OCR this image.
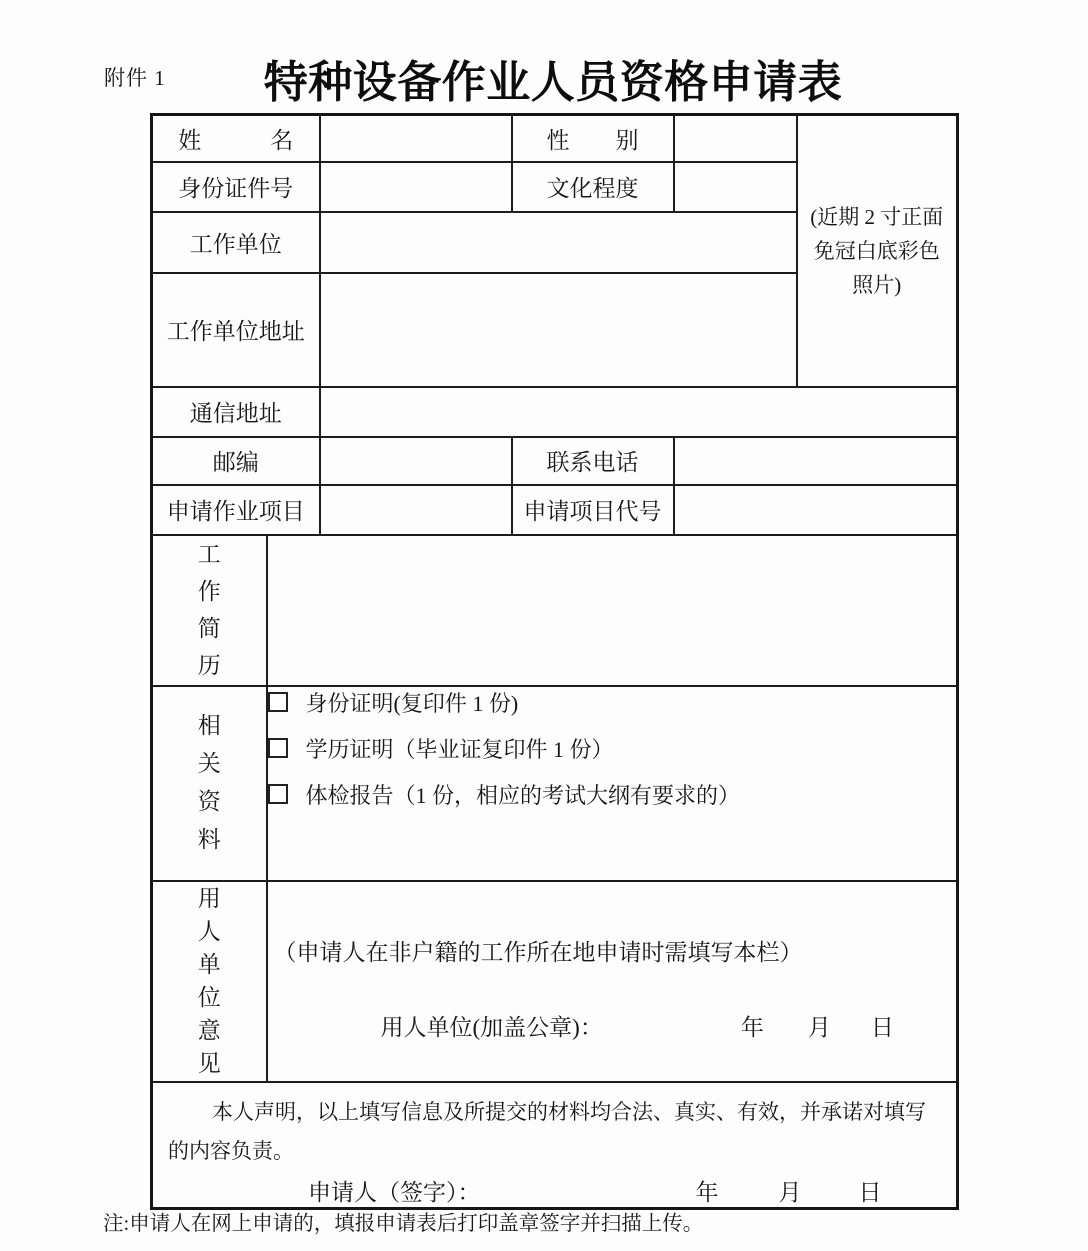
附件 1	特种设备作业人员资格申请表
姓　　　名			性　　别		(近期 2 寸正面
免冠白底彩色
照片)

身份证件号			文化程度		
工作单位					
工作单位地址					
通信地址					
邮编			联系电话		
申请作业项目			申请项目代号		

工作简历					

相关资料	身份证明(复印件 1 份)
学历证明（毕业证复印件 1 份）
体检报告（1 份，相应的考试大纲有要求的）				

用人单位意见	（申请人在非户籍的工作所在地申请时需填写本栏）
用人单位(加盖公章)： 年 月 日				

本人声明，以上填写信息及所提交的材料均合法、真实、有效，并承诺对填写的内容负责。

申请人（签字）： 年 月 日					
注:申请人在网上申请的，填报申请表后打印盖章签字并扫描上传。
